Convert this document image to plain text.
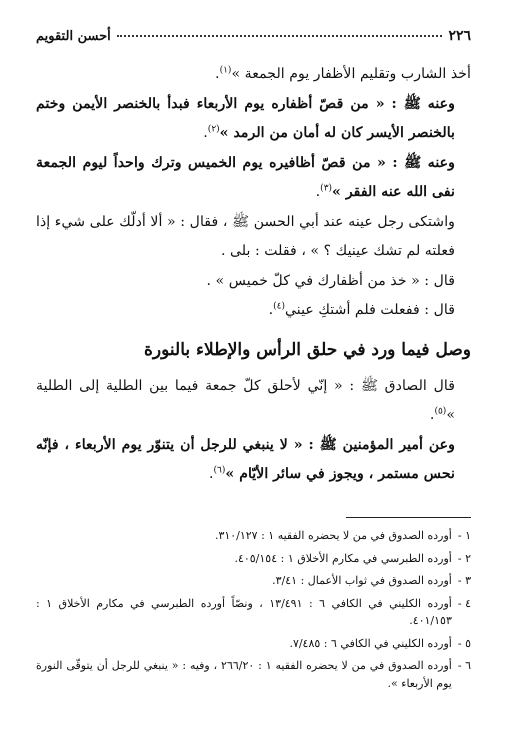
٢٢٦
أحسن التقويم

أخذ الشارب وتقليم الأظفار يوم الجمعة »$^{(١)}$.

وعنه ﷺ : « من قصّ أظفاره يوم الأربعاء فبدأ بالخنصر الأيمن وختم بالخنصر الأيسر كان له أمان من الرمد »$^{(٢)}$.

وعنه ﷺ : « من قصّ أظافيره يوم الخميس وترك واحداً ليوم الجمعة نفى الله عنه الفقر »$^{(٣)}$.

واشتكى رجل عينه عند أبي الحسن ﷺ ، فقال : « ألا أدلّك على شيء إذا فعلته لم تشك عينيك ؟ » ، فقلت : بلى .

قال : « خذ من أظفارك في كلّ خميس » .

قال : ففعلت فلم أشتكِ عيني$^{(٤)}$.

وصل فيما ورد في حلق الرأس والإطلاء بالنورة

قال الصادق ﷺ : « إنّي لأحلق كلّ جمعة فيما بين الطلية إلى الطلية »$^{(٥)}$.

وعن أمير المؤمنين ﷺ : « لا ينبغي للرجل أن يتنوّر يوم الأربعاء ، فإنّه نحس مستمر ، ويجوز في سائر الأيّام »$^{(٦)}$.

١ -
أورده الصدوق في من لا يحضره الفقيه ١ : ٣١٠/١٢٧.
٢ -
أورده الطبرسي في مكارم الأخلاق ١ : ٤٠٥/١٥٤.
٣ -
أورده الصدوق في ثواب الأعمال : ٣/٤١.
٤ -
أورده الكليني في الكافي ٦ : ١٣/٤٩١ ، ونصّاً أورده الطبرسي في مكارم الأخلاق ١ : ٤٠١/١٥٣.
٥ -
أورده الكليني في الكافي ٦ : ٧/٤٨٥.
٦ -
أورده الصدوق في من لا يحضره الفقيه ١ : ٢٦٦/٢٠ ، وفيه : « ينبغي للرجل أن يتوقّى النورة يوم الأربعاء ».
